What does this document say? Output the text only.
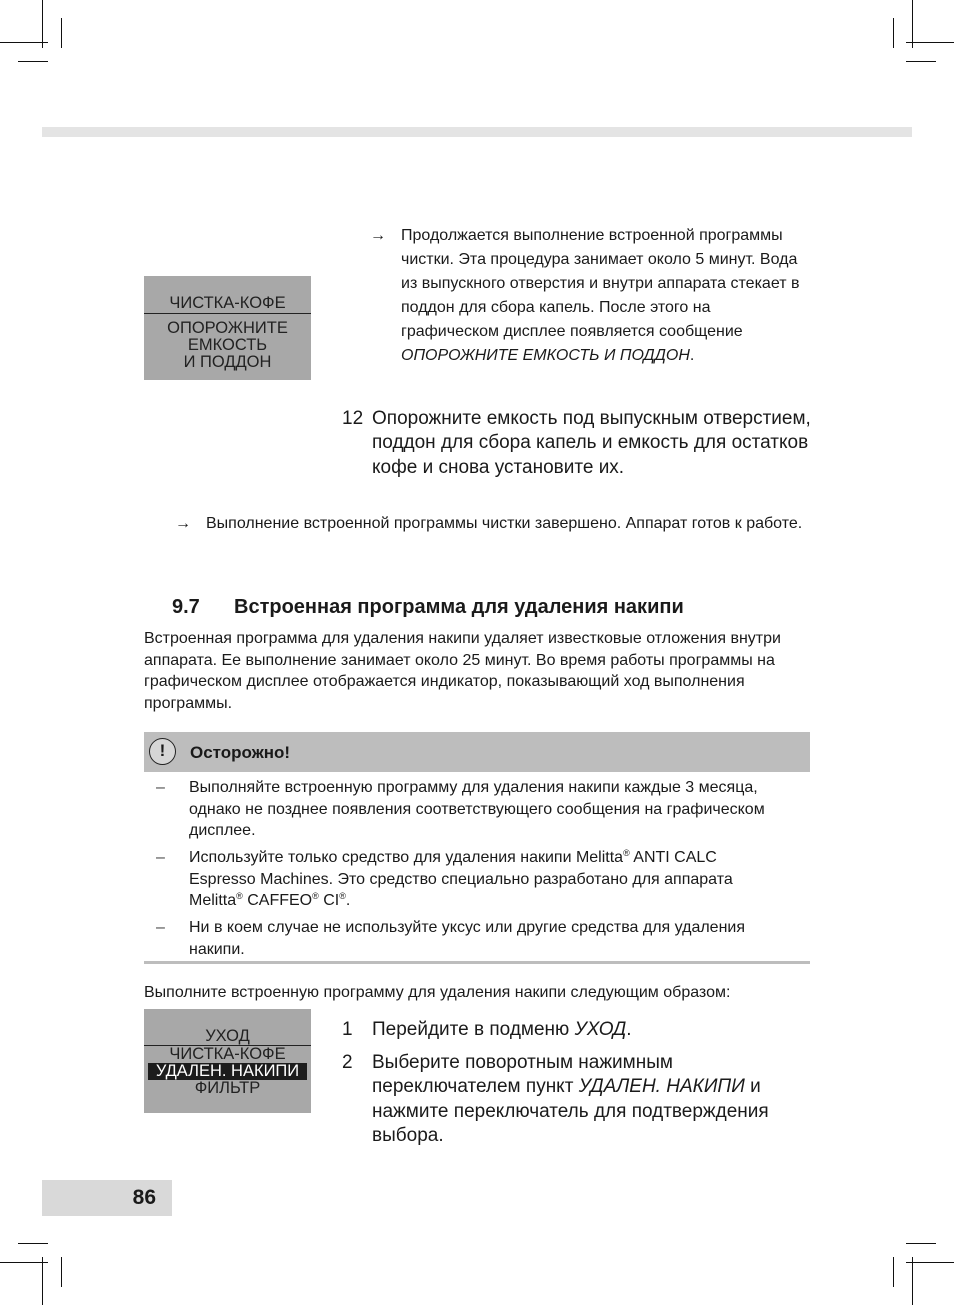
ЧИСТКА-КОФЕ
ОПОРОЖНИТЕ
ЕМКОСТЬ
И ПОДДОН
→ Продолжается выполнение встроенной программы чистки. Эта процедура занимает около 5 минут. Вода из выпускного отверстия и внутри аппарата стекает в поддон для сбора капель. После этого на графическом дисплее появляется сообщение ОПОРОЖНИТЕ ЕМКОСТЬ И ПОДДОН.

12 Опорожните емкость под выпускным отверстием, поддон для сбора капель и емкость для остатков кофе и снова установите их.

→ Выполнение встроенной программы чистки завершено. Аппарат готов к работе.

9.7 Встроенная программа для удаления накипи

Встроенная программа для удаления накипи удаляет известковые отложения внутри аппарата. Ее выполнение занимает около 25 минут. Во время работы программы на графическом дисплее отображается индикатор, показывающий ход выполнения программы.

!	Осторожно!
– Выполняйте встроенную программу для удаления накипи каждые 3 месяца, однако не позднее появления соответствующего сообщения на графическом дисплее.

– Используйте только средство для удаления накипи Melitta® ANTI CALC Espresso Machines. Это средство специально разработано для аппарата Melitta® CAFFEO® CI®.

– Ни в коем случае не используйте уксус или другие средства для удаления накипи.

Выполните встроенную программу для удаления накипи следующим образом:

УХОД
ЧИСТКА-КОФЕ
УДАЛЕН. НАКИПИ
ФИЛЬТР
1 Перейдите в подменю УХОД.

2 Выберите поворотным нажимным переключателем пункт УДАЛЕН. НАКИПИ и нажмите переключатель для подтверждения выбора.

86
